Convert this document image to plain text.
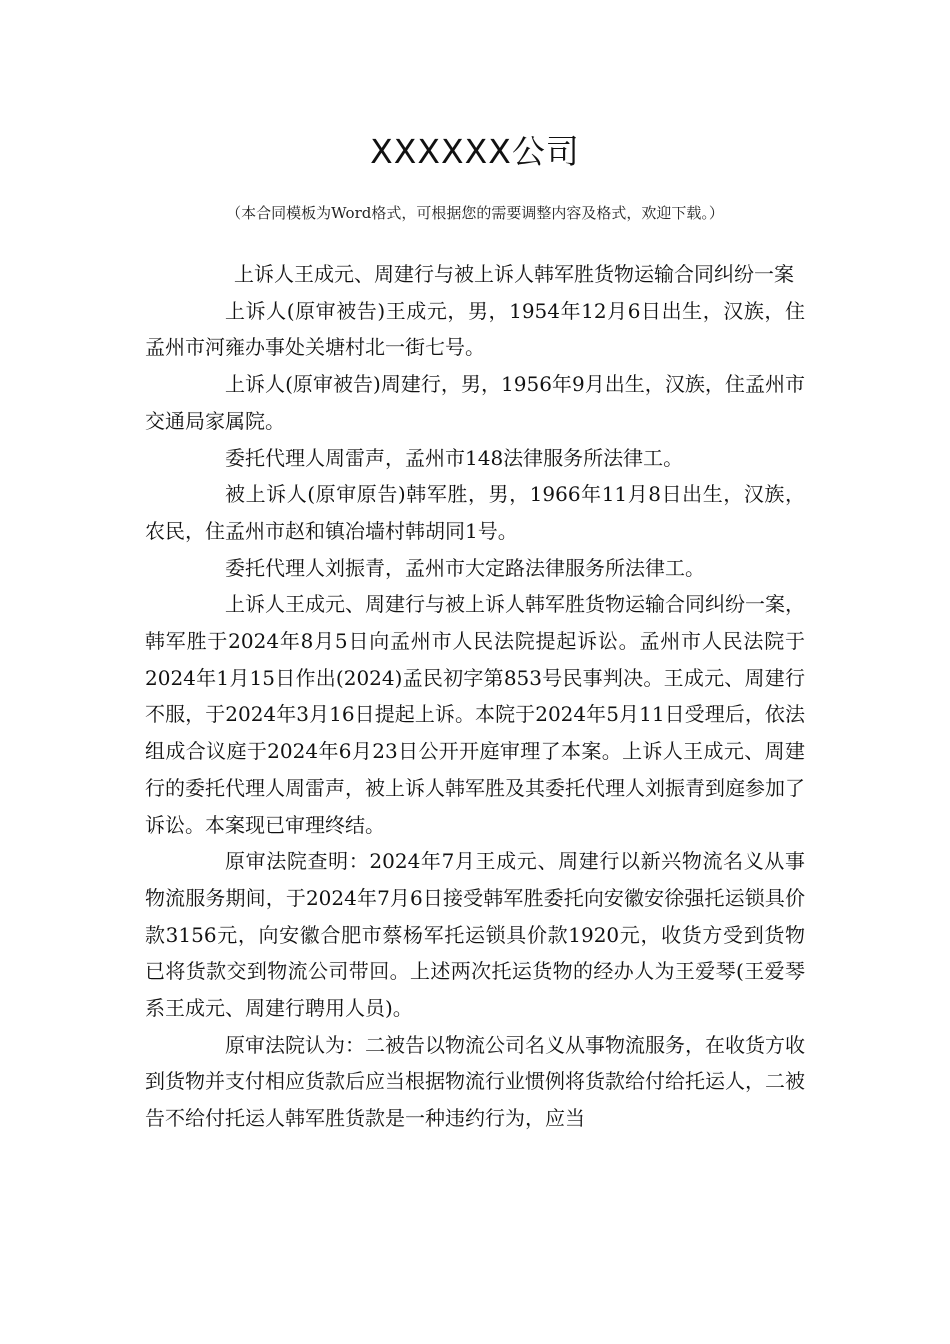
XXXXXX公司
（本合同模板为Word格式，可根据您的需要调整内容及格式，欢迎下载。）

上诉人王成元、周建行与被上诉人韩军胜货物运输合同纠纷一案

上诉人(原审被告)王成元，男，1954年12月6日出生，汉族，住孟州市河雍办事处关塘村北一街七号。

上诉人(原审被告)周建行，男，1956年9月出生，汉族，住孟州市交通局家属院。

委托代理人周雷声，孟州市148法律服务所法律工。

被上诉人(原审原告)韩军胜，男，1966年11月8日出生，汉族，农民，住孟州市赵和镇冶墙村韩胡同1号。

委托代理人刘振青，孟州市大定路法律服务所法律工。

上诉人王成元、周建行与被上诉人韩军胜货物运输合同纠纷一案，韩军胜于2024年8月5日向孟州市人民法院提起诉讼。孟州市人民法院于2024年1月15日作出(2024)孟民初字第853号民事判决。王成元、周建行不服，于2024年3月16日提起上诉。本院于2024年5月11日受理后，依法组成合议庭于2024年6月23日公开开庭审理了本案。上诉人王成元、周建行的委托代理人周雷声，被上诉人韩军胜及其委托代理人刘振青到庭参加了诉讼。本案现已审理终结。

原审法院查明：2024年7月王成元、周建行以新兴物流名义从事物流服务期间，于2024年7月6日接受韩军胜委托向安徽安徐强托运锁具价款3156元，向安徽合肥市蔡杨军托运锁具价款1920元，收货方受到货物已将货款交到物流公司带回。上述两次托运货物的经办人为王爱琴(王爱琴系王成元、周建行聘用人员)。

原审法院认为：二被告以物流公司名义从事物流服务，在收货方收到货物并支付相应货款后应当根据物流行业惯例将货款给付给托运人，二被告不给付托运人韩军胜货款是一种违约行为，应当
